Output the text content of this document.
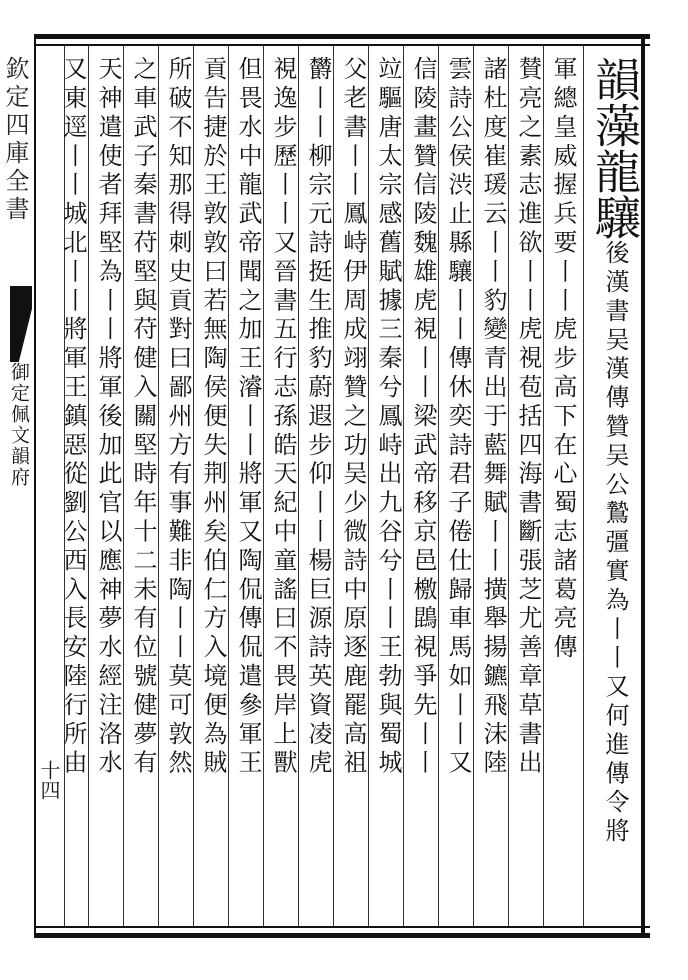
欽定四庫全書
御定佩文韻府
十四
韻藻龍驤後漢書吴漢傳贊吴公鷙彊實為丨丨又何進傳令將
軍總皇威握兵要丨丨虎步高下在心蜀志諸葛亮傳
賛亮之素志進欲丨丨虎視苞括四海書斷張芝尤善章草書出
諸杜度崔瑗云丨丨豹變青出于藍舞賦丨丨撗舉揚鑣飛沫陸
雲詩公侯渋止縣驤丨丨傳休奕詩君子倦仕歸車馬如丨丨又
信陵畫贊信陵魏雄虎視丨丨梁武帝移京邑檄鵾視爭先丨丨
竝驅唐太宗感舊賦據三秦兮鳳峙出九谷兮丨丨王勃與蜀城
父老書丨丨鳳峙伊周成翊贊之功吴少微詩中原逐鹿罷高祖
欝丨丨柳宗元詩挺生推豹蔚遐步仰丨丨楊巨源詩英資凌虎
視逸步歷丨丨又晉書五行志孫皓天紀中童謠曰不畏岸上獸
但畏水中龍武帝聞之加王濬丨丨將軍又陶侃傳侃遣參軍王
貢告捷於王敦敦曰若無陶侯便失荆州矣伯仁方入境便為賊
所破不知那得刺史貢對曰鄙州方有事難非陶丨丨莫可敦然
之車武子秦書苻堅與苻健入關堅時年十二未有位號健夢有
天神遣使者拜堅為丨丨將軍後加此官以應神夢水經注洛水
又東逕丨丨城北丨丨將軍王鎮惡從劉公西入長安陸行所由
